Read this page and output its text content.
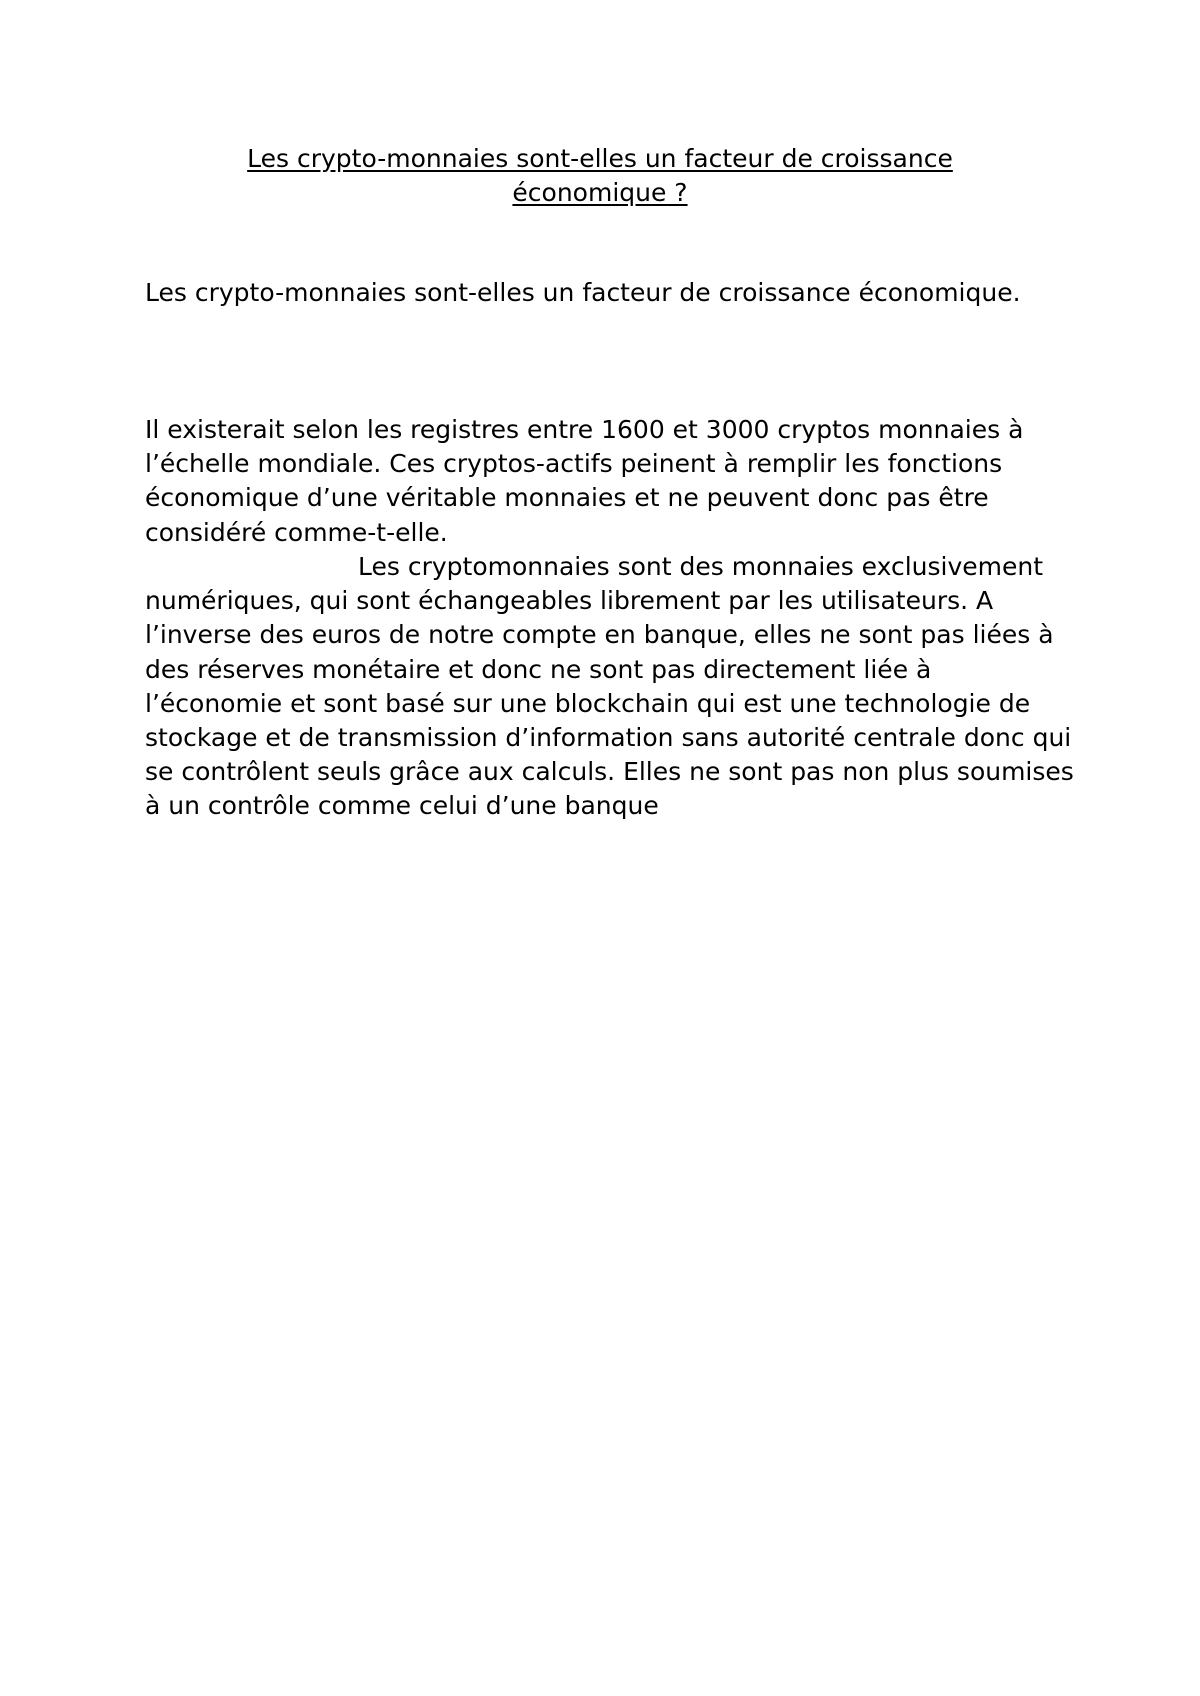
Les crypto-monnaies sont-elles un facteur de croissance
économique ?

Les crypto-monnaies sont-elles un facteur de croissance économique.

Il existerait selon les registres entre 1600 et 3000 cryptos monnaies à l’échelle mondiale. Ces cryptos-actifs peinent à remplir les fonctions économique d’une véritable monnaies et ne peuvent donc pas être considéré comme-t-elle.

Les cryptomonnaies sont des monnaies exclusivement numériques, qui sont échangeables librement par les utilisateurs. A l’inverse des euros de notre compte en banque, elles ne sont pas liées à des réserves monétaire et donc ne sont pas directement liée à l’économie et sont basé sur une blockchain qui est une technologie de stockage et de transmission d’information sans autorité centrale donc qui se contrôlent seuls grâce aux calculs. Elles ne sont pas non plus soumises à un contrôle comme celui d’une banque
